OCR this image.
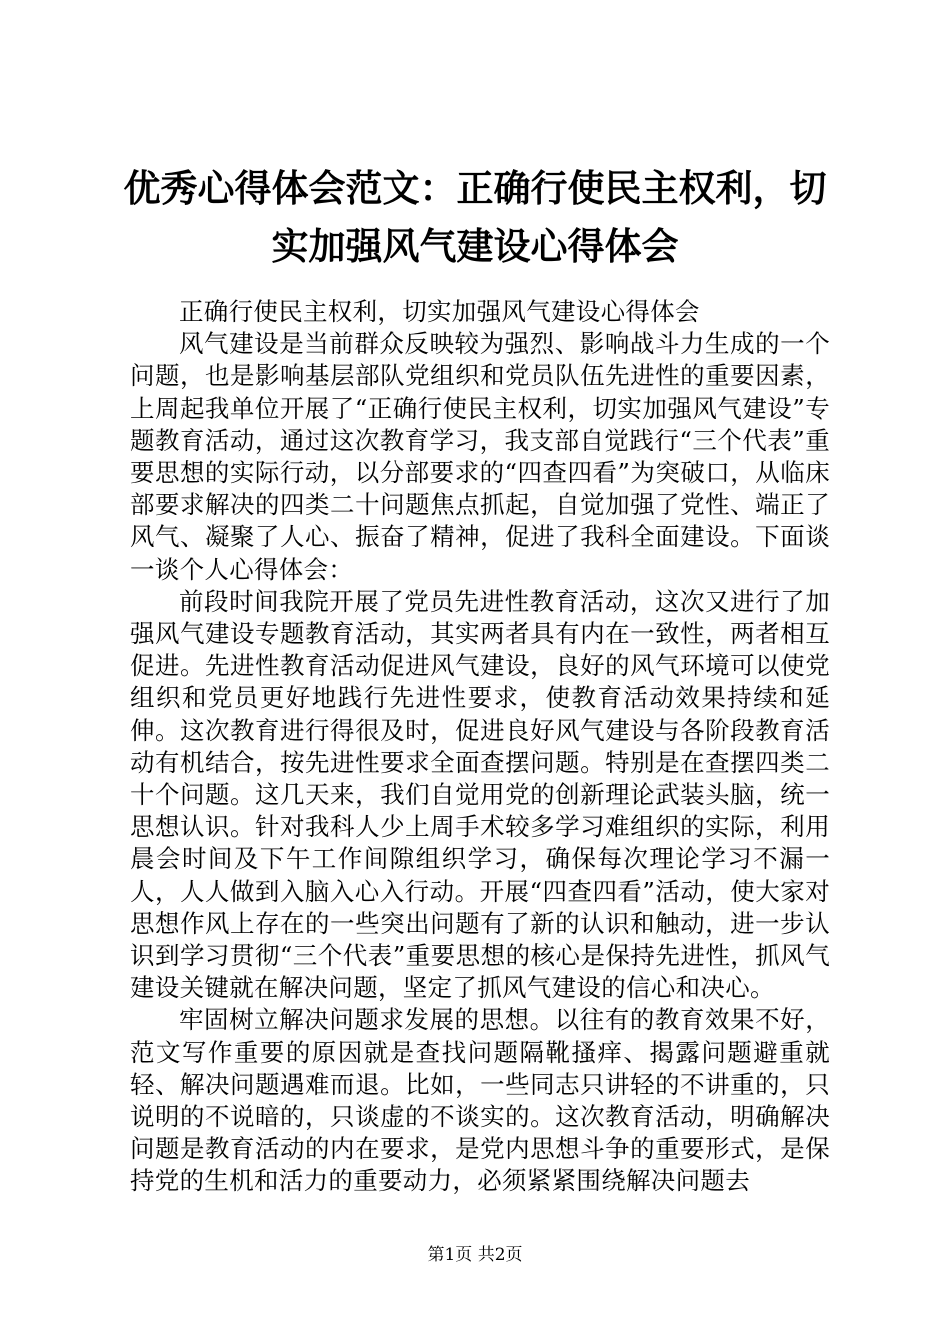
优秀心得体会范文：正确行使民主权利，切实加强风气建设心得体会

正确行使民主权利，切实加强风气建设心得体会

风气建设是当前群众反映较为强烈、影响战斗力生成的一个问题，也是影响基层部队党组织和党员队伍先进性的重要因素，上周起我单位开展了“正确行使民主权利，切实加强风气建设”专题教育活动，通过这次教育学习，我支部自觉践行“三个代表”重要思想的实际行动，以分部要求的“四查四看”为突破口，从临床部要求解决的四类二十问题焦点抓起，自觉加强了党性、端正了风气、凝聚了人心、振奋了精神，促进了我科全面建设。下面谈一谈个人心得体会：

前段时间我院开展了党员先进性教育活动，这次又进行了加强风气建设专题教育活动，其实两者具有内在一致性，两者相互促进。先进性教育活动促进风气建设，良好的风气环境可以使党组织和党员更好地践行先进性要求，使教育活动效果持续和延伸。这次教育进行得很及时，促进良好风气建设与各阶段教育活动有机结合，按先进性要求全面查摆问题。特别是在查摆四类二十个问题。这几天来，我们自觉用党的创新理论武装头脑，统一思想认识。针对我科人少上周手术较多学习难组织的实际，利用晨会时间及下午工作间隙组织学习，确保每次理论学习不漏一人，人人做到入脑入心入行动。开展“四查四看”活动，使大家对思想作风上存在的一些突出问题有了新的认识和触动，进一步认识到学习贯彻“三个代表”重要思想的核心是保持先进性，抓风气建设关键就在解决问题，坚定了抓风气建设的信心和决心。

牢固树立解决问题求发展的思想。以往有的教育效果不好，范文写作重要的原因就是查找问题隔靴搔痒、揭露问题避重就轻、解决问题遇难而退。比如，一些同志只讲轻的不讲重的，只说明的不说暗的，只谈虚的不谈实的。这次教育活动，明确解决问题是教育活动的内在要求，是党内思想斗争的重要形式，是保持党的生机和活力的重要动力，必须紧紧围绕解决问题去

第1页 共2页
